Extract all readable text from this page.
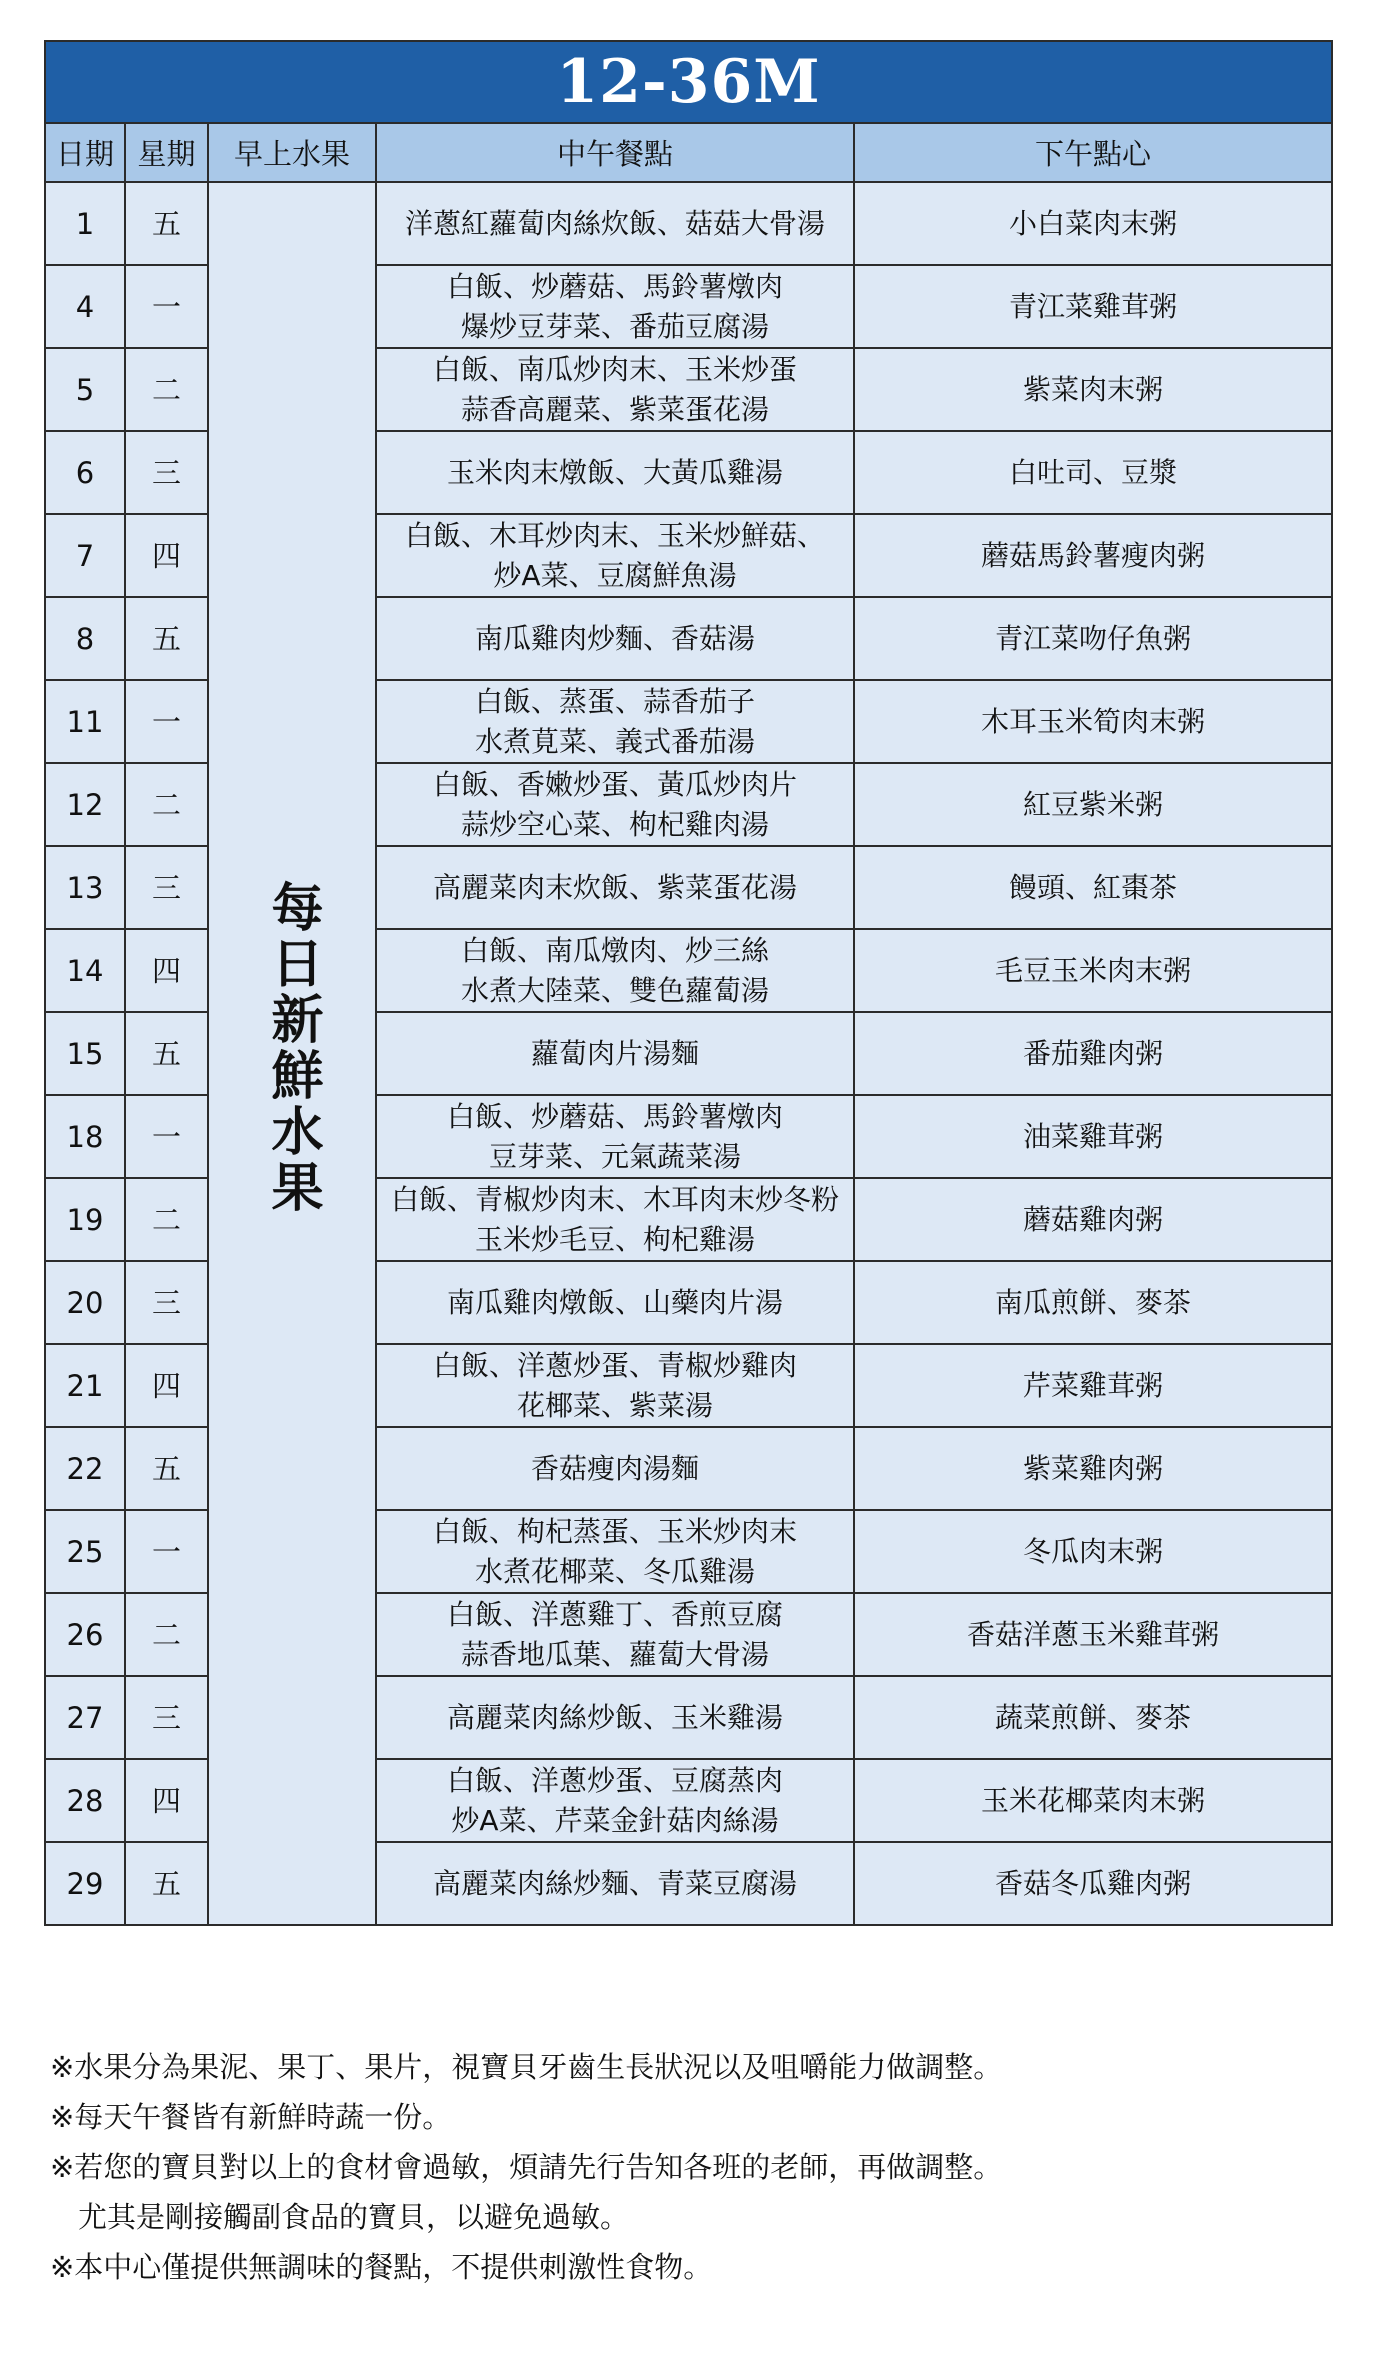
12-36M				
日期	星期	早上水果	中午餐點	下午點心
1	五	每日新鮮水果	洋蔥紅蘿蔔肉絲炊飯、菇菇大骨湯	小白菜肉末粥
4	一		白飯、炒蘑菇、馬鈴薯燉肉
爆炒豆芽菜、番茄豆腐湯	青江菜雞茸粥
5	二		白飯、南瓜炒肉末、玉米炒蛋
蒜香高麗菜、紫菜蛋花湯	紫菜肉末粥
6	三		玉米肉末燉飯、大黃瓜雞湯	白吐司、豆漿
7	四		白飯、木耳炒肉末、玉米炒鮮菇、
炒A菜、豆腐鮮魚湯	蘑菇馬鈴薯瘦肉粥
8	五		南瓜雞肉炒麵、香菇湯	青江菜吻仔魚粥
11	一		白飯、蒸蛋、蒜香茄子
水煮莧菜、義式番茄湯	木耳玉米筍肉末粥
12	二		白飯、香嫩炒蛋、黃瓜炒肉片
蒜炒空心菜、枸杞雞肉湯	紅豆紫米粥
13	三		高麗菜肉末炊飯、紫菜蛋花湯	饅頭、紅棗茶
14	四		白飯、南瓜燉肉、炒三絲
水煮大陸菜、雙色蘿蔔湯	毛豆玉米肉末粥
15	五		蘿蔔肉片湯麵	番茄雞肉粥
18	一		白飯、炒蘑菇、馬鈴薯燉肉
豆芽菜、元氣蔬菜湯	油菜雞茸粥
19	二		白飯、青椒炒肉末、木耳肉末炒冬粉
玉米炒毛豆、枸杞雞湯	蘑菇雞肉粥
20	三		南瓜雞肉燉飯、山藥肉片湯	南瓜煎餅、麥茶
21	四		白飯、洋蔥炒蛋、青椒炒雞肉
花椰菜、紫菜湯	芹菜雞茸粥
22	五		香菇瘦肉湯麵	紫菜雞肉粥
25	一		白飯、枸杞蒸蛋、玉米炒肉末
水煮花椰菜、冬瓜雞湯	冬瓜肉末粥
26	二		白飯、洋蔥雞丁、香煎豆腐
蒜香地瓜葉、蘿蔔大骨湯	香菇洋蔥玉米雞茸粥
27	三		高麗菜肉絲炒飯、玉米雞湯	蔬菜煎餅、麥茶
28	四		白飯、洋蔥炒蛋、豆腐蒸肉
炒A菜、芹菜金針菇肉絲湯	玉米花椰菜肉末粥
29	五		高麗菜肉絲炒麵、青菜豆腐湯	香菇冬瓜雞肉粥
※水果分為果泥、果丁、果片，視寶貝牙齒生長狀況以及咀嚼能力做調整。
※每天午餐皆有新鮮時蔬一份。
※若您的寶貝對以上的食材會過敏，煩請先行告知各班的老師，再做調整。
尤其是剛接觸副食品的寶貝，以避免過敏。
※本中心僅提供無調味的餐點，不提供刺激性食物。
